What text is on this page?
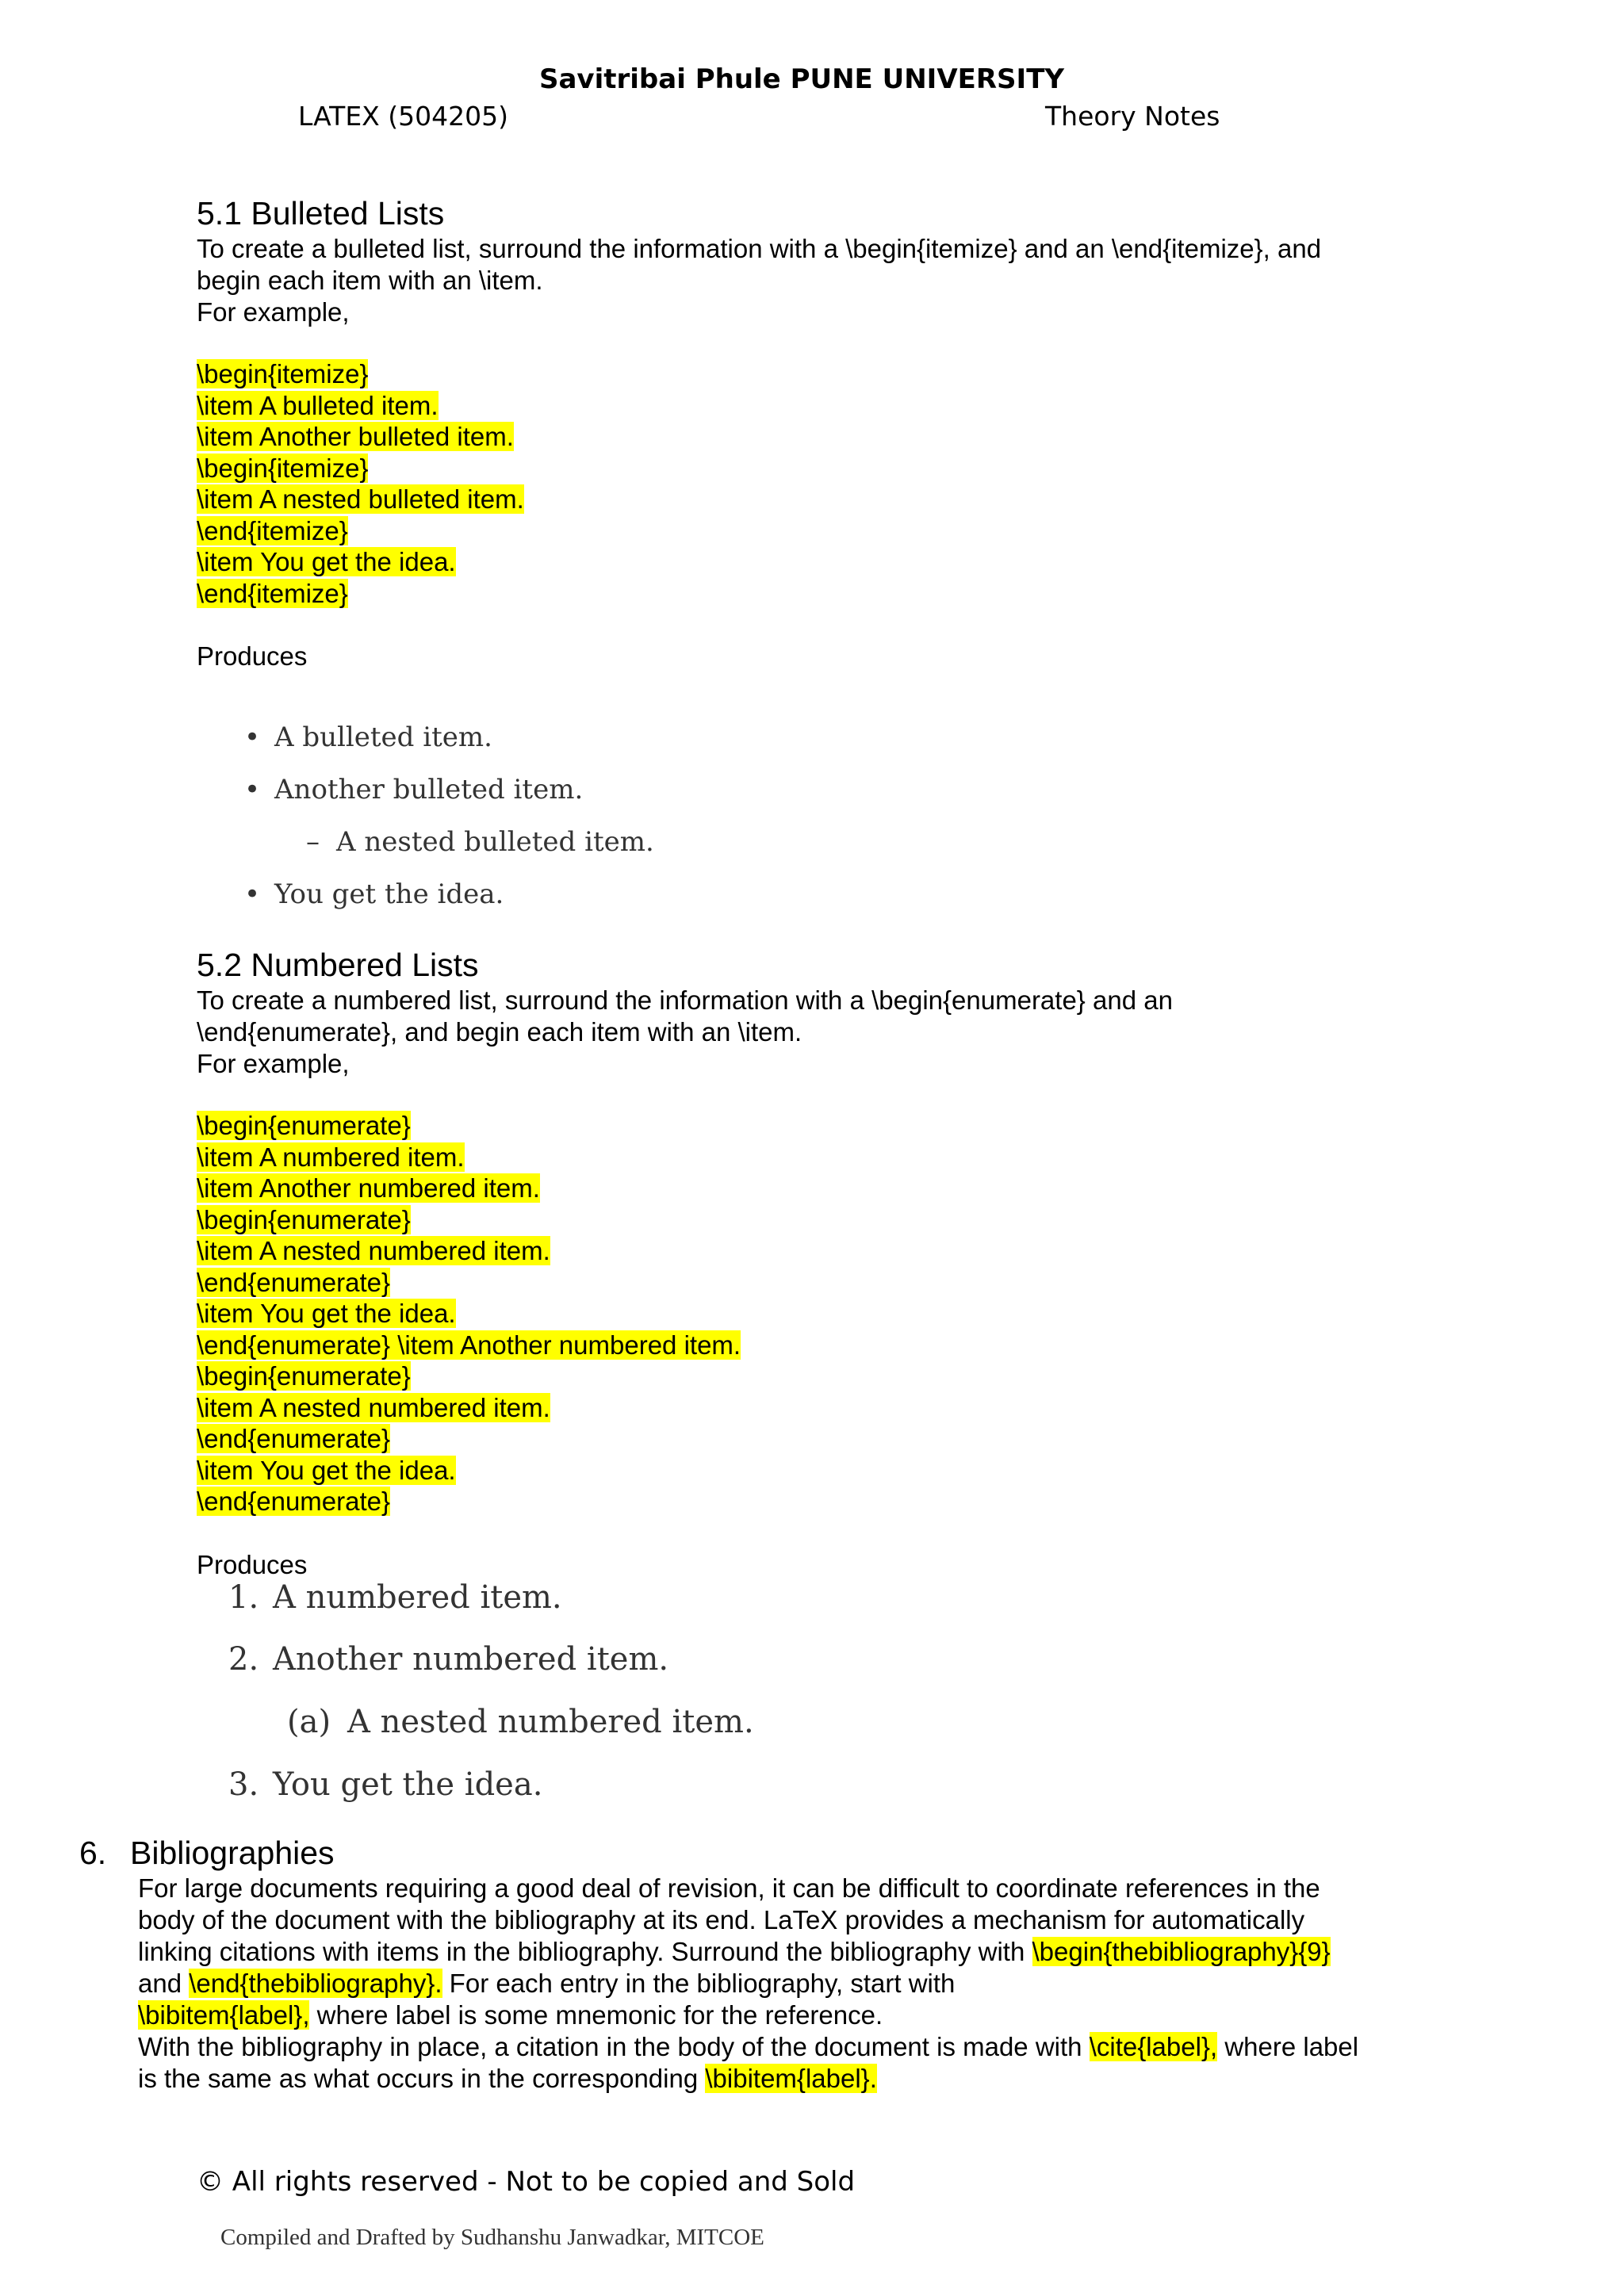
Savitribai Phule PUNE UNIVERSITY
LATEX (504205)	Theory Notes
5.1 Bulleted Lists
To create a bulleted list, surround the information with a \begin{itemize} and an \end{itemize}, and
begin each item with an \item.
For example,
\begin{itemize}
\item A bulleted item.
\item Another bulleted item.
\begin{itemize}
\item A nested bulleted item.
\end{itemize}
\item You get the idea.
\end{itemize}
Produces
• A bulleted item.
• Another bulleted item.
– A nested bulleted item.
• You get the idea.
5.2 Numbered Lists
To create a numbered list, surround the information with a \begin{enumerate} and an
\end{enumerate}, and begin each item with an \item.
For example,
\begin{enumerate}
\item A numbered item.
\item Another numbered item.
\begin{enumerate}
\item A nested numbered item.
\end{enumerate}
\item You get the idea.
\end{enumerate} \item Another numbered item.
\begin{enumerate}
\item A nested numbered item.
\end{enumerate}
\item You get the idea.
\end{enumerate}
Produces
1. A numbered item.
2. Another numbered item.
(a) A nested numbered item.
3. You get the idea.
6. Bibliographies
For large documents requiring a good deal of revision, it can be difficult to coordinate references in the
body of the document with the bibliography at its end. LaTeX provides a mechanism for automatically
linking citations with items in the bibliography. Surround the bibliography with \begin{thebibliography}{9}
and \end{thebibliography}. For each entry in the bibliography, start with
\bibitem{label}, where label is some mnemonic for the reference.
With the bibliography in place, a citation in the body of the document is made with \cite{label}, where label
is the same as what occurs in the corresponding \bibitem{label}.
© All rights reserved - Not to be copied and Sold
Compiled and Drafted by Sudhanshu Janwadkar, MITCOE
